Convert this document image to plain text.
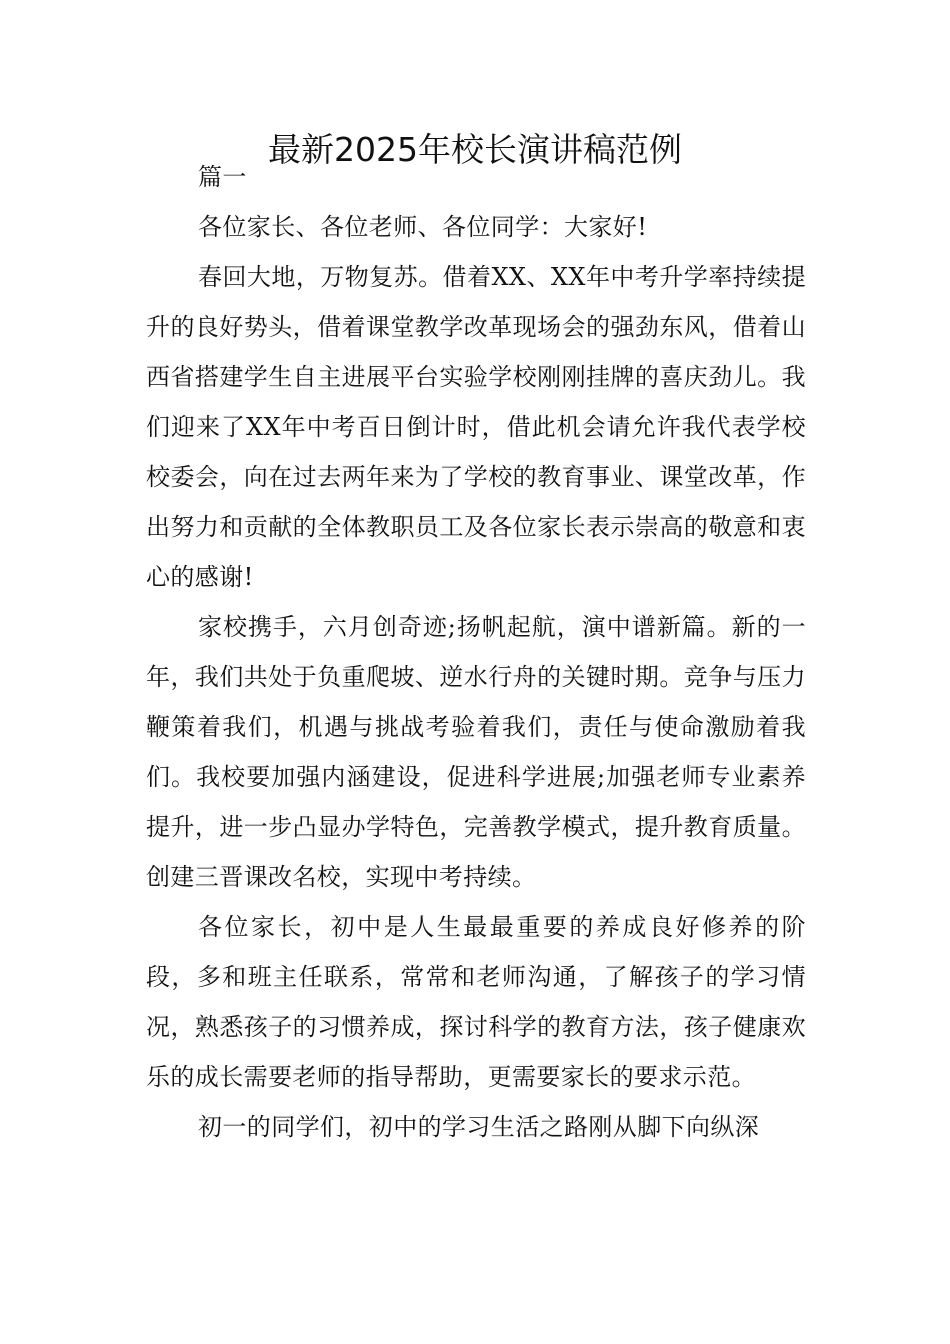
最新2025年校长演讲稿范例

篇一

各位家长、各位老师、各位同学：大家好!

春回大地，万物复苏。借着XX、XX年中考升学率持续提升的良好势头，借着课堂教学改革现场会的强劲东风，借着山西省搭建学生自主进展平台实验学校刚刚挂牌的喜庆劲儿。我们迎来了XX年中考百日倒计时，借此机会请允许我代表学校校委会，向在过去两年来为了学校的教育事业、课堂改革，作出努力和贡献的全体教职员工及各位家长表示崇高的敬意和衷心的感谢!

家校携手，六月创奇迹;扬帆起航，演中谱新篇。新的一年，我们共处于负重爬坡、逆水行舟的关键时期。竞争与压力鞭策着我们，机遇与挑战考验着我们，责任与使命激励着我们。我校要加强内涵建设，促进科学进展;加强老师专业素养提升，进一步凸显办学特色，完善教学模式，提升教育质量。创建三晋课改名校，实现中考持续。

各位家长，初中是人生最最重要的养成良好修养的阶段，多和班主任联系，常常和老师沟通，了解孩子的学习情况，熟悉孩子的习惯养成，探讨科学的教育方法，孩子健康欢乐的成长需要老师的指导帮助，更需要家长的要求示范。

初一的同学们，初中的学习生活之路刚从脚下向纵深
